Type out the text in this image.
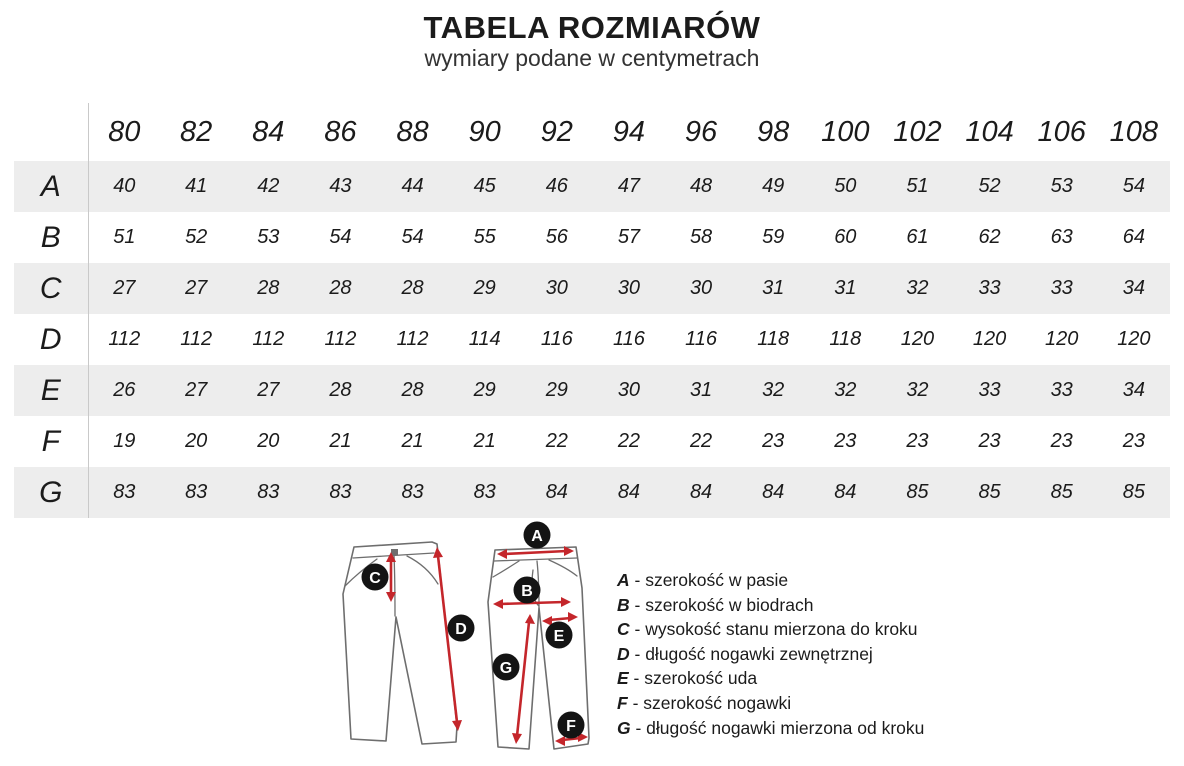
TABELA ROZMIARÓW
wymiary podane w centymetrach
	80	82	84	86	88	90	92	94	96	98	100	102	104	106	108
A	40	41	42	43	44	45	46	47	48	49	50	51	52	53	54
B	51	52	53	54	54	55	56	57	58	59	60	61	62	63	64
C	27	27	28	28	28	29	30	30	30	31	31	32	33	33	34
D	112	112	112	112	112	114	116	116	116	118	118	120	120	120	120
E	26	27	27	28	28	29	29	30	31	32	32	32	33	33	34
F	19	20	20	21	21	21	22	22	22	23	23	23	23	23	23
G	83	83	83	83	83	83	84	84	84	84	84	85	85	85	85
C
D
A
B
E
G
F
A - szerokość w pasie
B - szerokość w biodrach
C - wysokość stanu mierzona do kroku
D - długość nogawki zewnętrznej
E - szerokość uda
F - szerokość nogawki
G - długość nogawki mierzona od kroku
